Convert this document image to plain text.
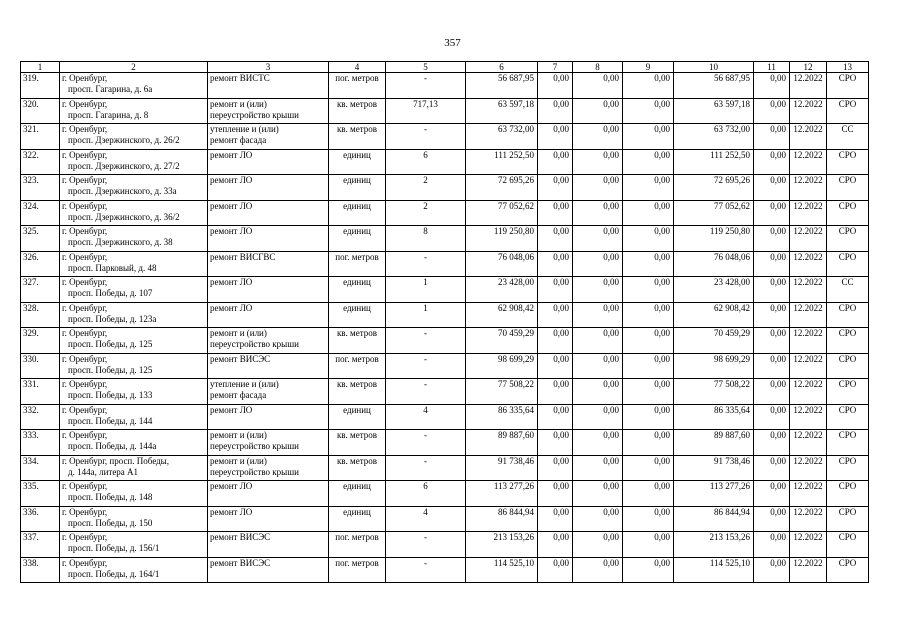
357
1	2	3	4	5	6	7	8	9	10	11	12	13
319.	г. Оренбург,
просп. Гагарина, д. 6а	ремонт ВИСТС	пог. метров	-	56 687,95	0,00	0,00	0,00	56 687,95	0,00	12.2022	СРО
320.	г. Оренбург,
просп. Гагарина, д. 8	ремонт и (или)
переустройство крыши	кв. метров	717,13	63 597,18	0,00	0,00	0,00	63 597,18	0,00	12.2022	СРО
321.	г. Оренбург,
просп. Дзержинского, д. 26/2	утепление и (или)
ремонт фасада	кв. метров	-	63 732,00	0,00	0,00	0,00	63 732,00	0,00	12.2022	СС
322.	г. Оренбург,
просп. Дзержинского, д. 27/2	ремонт ЛО	единиц	6	111 252,50	0,00	0,00	0,00	111 252,50	0,00	12.2022	СРО
323.	г. Оренбург,
просп. Дзержинского, д. 33а	ремонт ЛО	единиц	2	72 695,26	0,00	0,00	0,00	72 695,26	0,00	12.2022	СРО
324.	г. Оренбург,
просп. Дзержинского, д. 36/2	ремонт ЛО	единиц	2	77 052,62	0,00	0,00	0,00	77 052,62	0,00	12.2022	СРО
325.	г. Оренбург,
просп. Дзержинского, д. 38	ремонт ЛО	единиц	8	119 250,80	0,00	0,00	0,00	119 250,80	0,00	12.2022	СРО
326.	г. Оренбург,
просп. Парковый, д. 48	ремонт ВИСГВС	пог. метров	-	76 048,06	0,00	0,00	0,00	76 048,06	0,00	12.2022	СРО
327.	г. Оренбург,
просп. Победы, д. 107	ремонт ЛО	единиц	1	23 428,00	0,00	0,00	0,00	23 428,00	0,00	12.2022	СС
328.	г. Оренбург,
просп. Победы, д. 123а	ремонт ЛО	единиц	1	62 908,42	0,00	0,00	0,00	62 908,42	0,00	12.2022	СРО
329.	г. Оренбург,
просп. Победы, д. 125	ремонт и (или)
переустройство крыши	кв. метров	-	70 459,29	0,00	0,00	0,00	70 459,29	0,00	12.2022	СРО
330.	г. Оренбург,
просп. Победы, д. 125	ремонт ВИСЭС	пог. метров	-	98 699,29	0,00	0,00	0,00	98 699,29	0,00	12.2022	СРО
331.	г. Оренбург,
просп. Победы, д. 133	утепление и (или)
ремонт фасада	кв. метров	-	77 508,22	0,00	0,00	0,00	77 508,22	0,00	12.2022	СРО
332.	г. Оренбург,
просп. Победы, д. 144	ремонт ЛО	единиц	4	86 335,64	0,00	0,00	0,00	86 335,64	0,00	12.2022	СРО
333.	г. Оренбург,
просп. Победы, д. 144а	ремонт и (или)
переустройство крыши	кв. метров	-	89 887,60	0,00	0,00	0,00	89 887,60	0,00	12.2022	СРО
334.	г. Оренбург, просп. Победы,
д. 144а, литера А1	ремонт и (или)
переустройство крыши	кв. метров	-	91 738,46	0,00	0,00	0,00	91 738,46	0,00	12.2022	СРО
335.	г. Оренбург,
просп. Победы, д. 148	ремонт ЛО	единиц	6	113 277,26	0,00	0,00	0,00	113 277,26	0,00	12.2022	СРО
336.	г. Оренбург,
просп. Победы, д. 150	ремонт ЛО	единиц	4	86 844,94	0,00	0,00	0,00	86 844,94	0,00	12.2022	СРО
337.	г. Оренбург,
просп. Победы, д. 156/1	ремонт ВИСЭС	пог. метров	-	213 153,26	0,00	0,00	0,00	213 153,26	0,00	12.2022	СРО
338.	г. Оренбург,
просп. Победы, д. 164/1	ремонт ВИСЭС	пог. метров	-	114 525,10	0,00	0,00	0,00	114 525,10	0,00	12.2022	СРО
